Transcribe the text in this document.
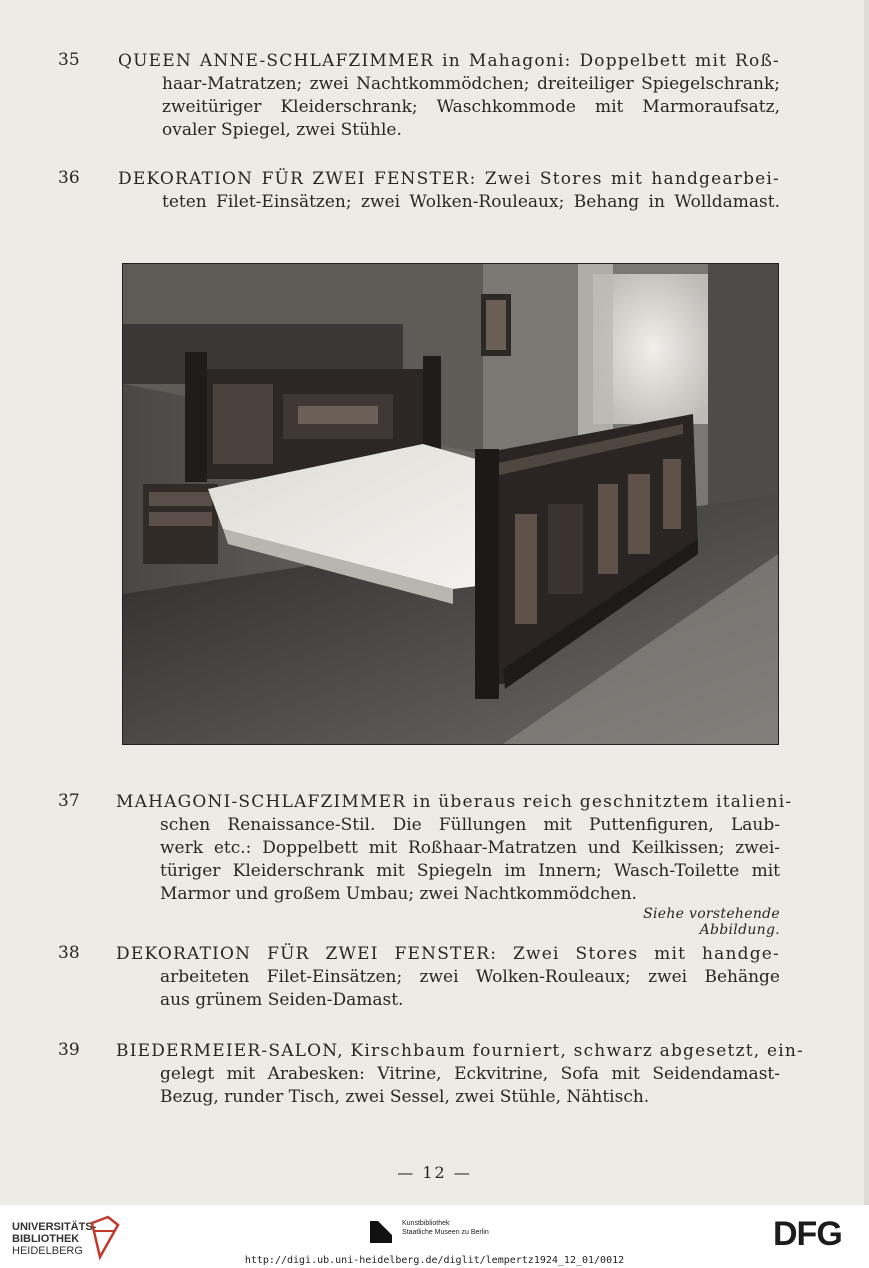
35 QUEEN ANNE-SCHLAFZIMMER in Mahagoni: Doppelbett mit Roß-
haar-Matratzen; zwei Nachtkommödchen; dreiteiliger Spiegelschrank;
zweitüriger Kleiderschrank; Waschkommode mit Marmoraufsatz,
ovaler Spiegel, zwei Stühle.
36 DEKORATION FÜR ZWEI FENSTER: Zwei Stores mit handgearbei-
teten Filet-Einsätzen; zwei Wolken-Rouleaux; Behang in Wolldamast.
37 MAHAGONI-SCHLAFZIMMER in überaus reich geschnitztem italieni-
schen Renaissance-Stil. Die Füllungen mit Puttenfiguren, Laub-
werk etc.: Doppelbett mit Roßhaar-Matratzen und Keilkissen; zwei-
türiger Kleiderschrank mit Spiegeln im Innern; Wasch-Toilette mit
Marmor und großem Umbau; zwei Nachtkommödchen.
Siehe vorstehende Abbildung.
38 DEKORATION FÜR ZWEI FENSTER: Zwei Stores mit handge-
arbeiteten Filet-Einsätzen; zwei Wolken-Rouleaux; zwei Behänge
aus grünem Seiden-Damast.
39 BIEDERMEIER-SALON, Kirschbaum fourniert, schwarz abgesetzt, ein-
gelegt mit Arabesken: Vitrine, Eckvitrine, Sofa mit Seidendamast-
Bezug, runder Tisch, zwei Sessel, zwei Stühle, Nähtisch.
— 12 —
UNIVERSITÄTS-
BIBLIOTHEK
HEIDELBERG
Kunstbibliothek
Staatliche Museen zu Berlin	DFG
http://digi.ub.uni-heidelberg.de/diglit/lempertz1924_12_01/0012
